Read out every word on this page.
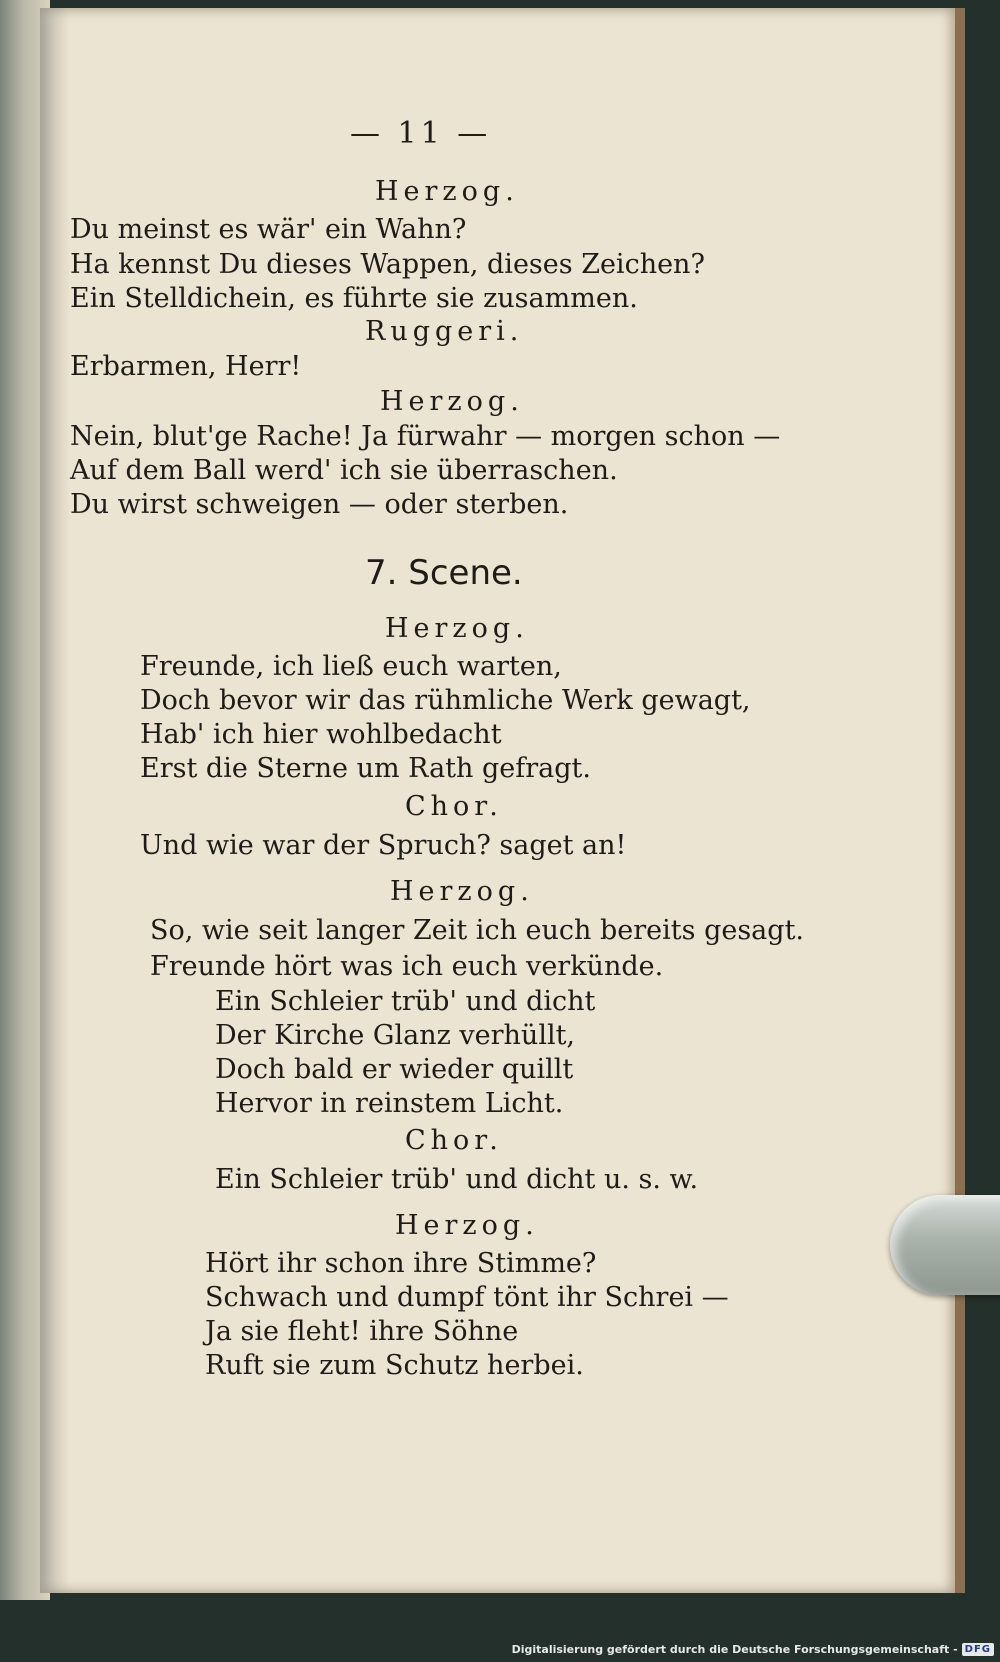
— 11 —
Herzog.
Du meinst es wär' ein Wahn?
Ha kennst Du dieses Wappen, dieses Zeichen?
Ein Stelldichein, es führte sie zusammen.
Ruggeri.
Erbarmen, Herr!
Herzog.
Nein, blut'ge Rache! Ja fürwahr — morgen schon —
Auf dem Ball werd' ich sie überraschen.
Du wirst schweigen — oder sterben.
7. Scene.
Herzog.
Freunde, ich ließ euch warten,
Doch bevor wir das rühmliche Werk gewagt,
Hab' ich hier wohlbedacht
Erst die Sterne um Rath gefragt.
Chor.
Und wie war der Spruch? saget an!
Herzog.
So, wie seit langer Zeit ich euch bereits gesagt.
Freunde hört was ich euch verkünde.
Ein Schleier trüb' und dicht
Der Kirche Glanz verhüllt,
Doch bald er wieder quillt
Hervor in reinstem Licht.
Chor.
Ein Schleier trüb' und dicht u. s. w.
Herzog.
Hört ihr schon ihre Stimme?
Schwach und dumpf tönt ihr Schrei —
Ja sie fleht! ihre Söhne
Ruft sie zum Schutz herbei.
Digitalisierung gefördert durch die Deutsche Forschungsgemeinschaft - DFG
